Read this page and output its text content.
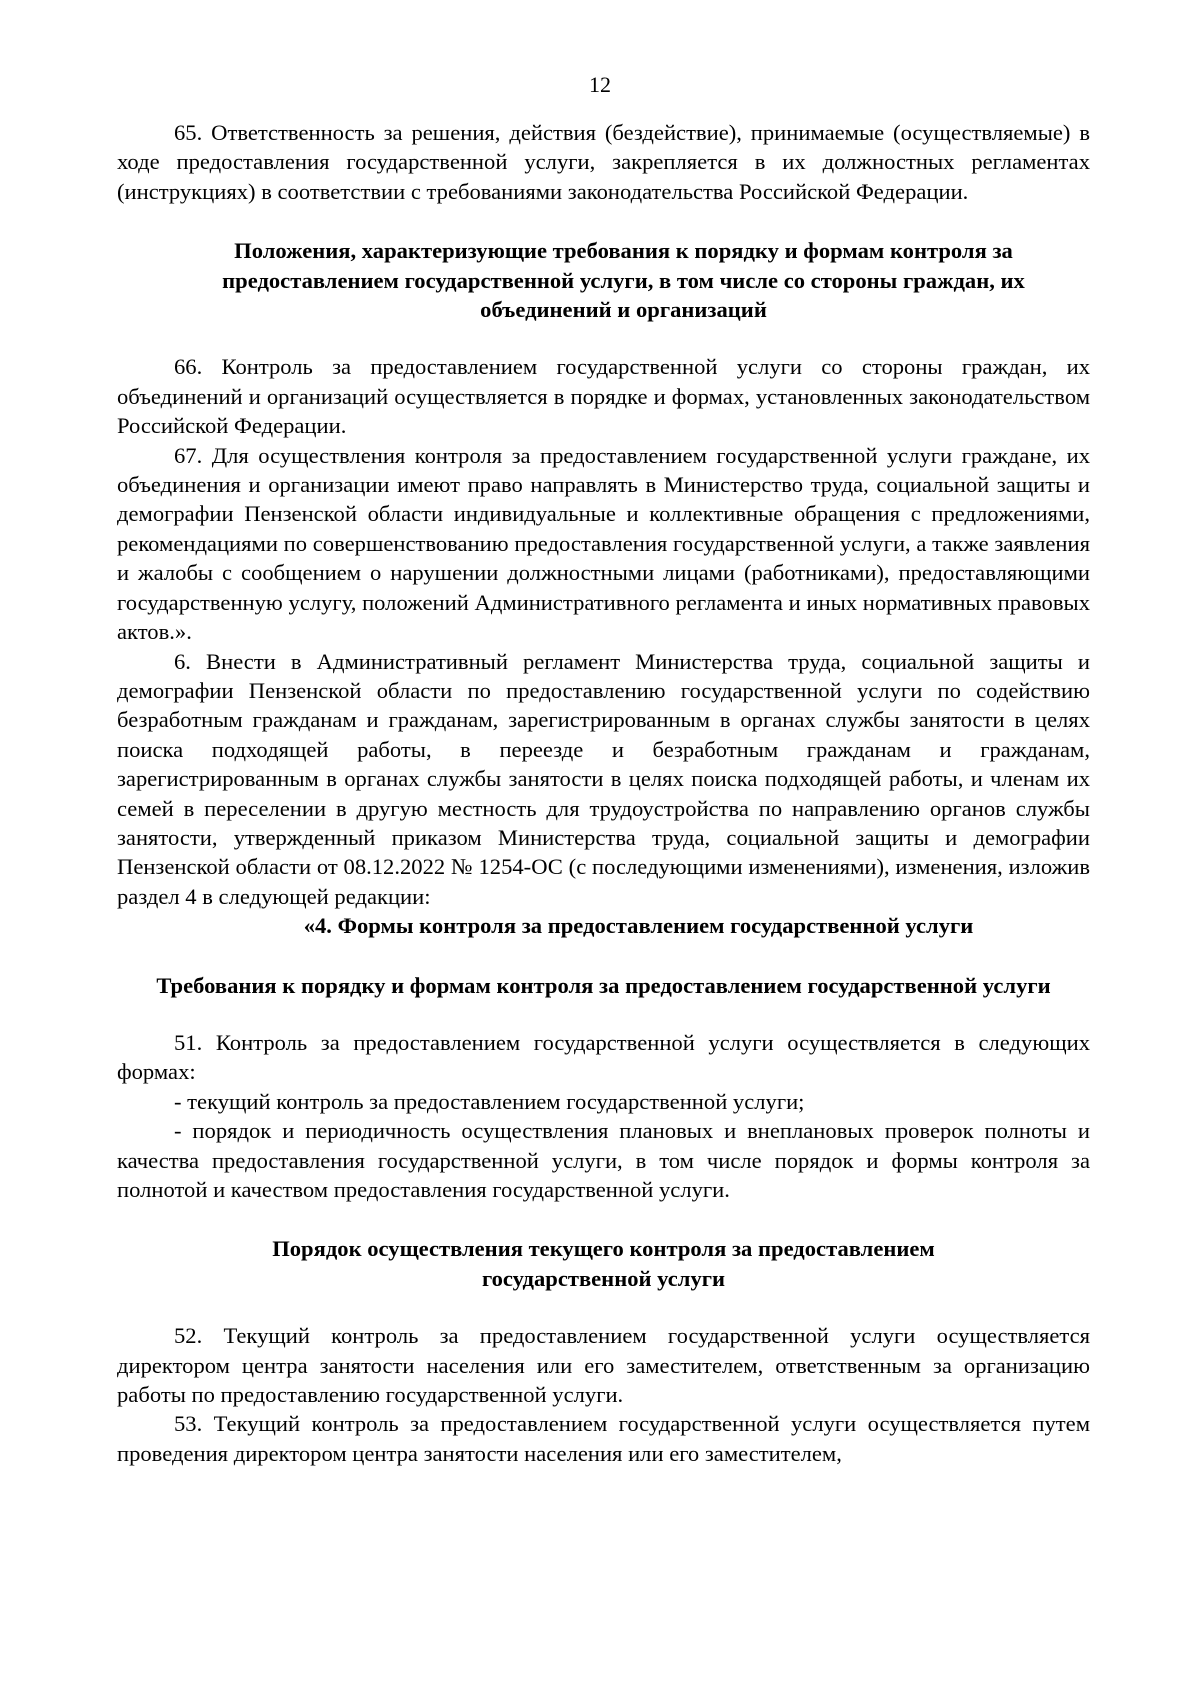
12

65. Ответственность за решения, действия (бездействие), принимаемые (осуществляемые) в ходе предоставления государственной услуги, закрепляется в их должностных регламентах (инструкциях) в соответствии с требованиями законодательства Российской Федерации.

Положения, характеризующие требования к порядку и формам контроля за предоставлением государственной услуги, в том числе со стороны граждан, их объединений и организаций

66. Контроль за предоставлением государственной услуги со стороны граждан, их объединений и организаций осуществляется в порядке и формах, установленных законодательством Российской Федерации.

67. Для осуществления контроля за предоставлением государственной услуги граждане, их объединения и организации имеют право направлять в Министерство труда, социальной защиты и демографии Пензенской области индивидуальные и коллективные обращения с предложениями, рекомендациями по совершенствованию предоставления государственной услуги, а также заявления и жалобы с сообщением о нарушении должностными лицами (работниками), предоставляющими государственную услугу, положений Административного регламента и иных нормативных правовых актов.».

6. Внести в Административный регламент Министерства труда, социальной защиты и демографии Пензенской области по предоставлению государственной услуги по содействию безработным гражданам и гражданам, зарегистрированным в органах службы занятости в целях поиска подходящей работы, в переезде и безработным гражданам и гражданам, зарегистрированным в органах службы занятости в целях поиска подходящей работы, и членам их семей в переселении в другую местность для трудоустройства по направлению органов службы занятости, утвержденный приказом Министерства труда, социальной защиты и демографии Пензенской области от 08.12.2022 № 1254-ОС (с последующими изменениями), изменения, изложив раздел 4 в следующей редакции:

«4. Формы контроля за предоставлением государственной услуги

Требования к порядку и формам контроля за предоставлением государственной услуги

51. Контроль за предоставлением государственной услуги осуществляется в следующих формах:

- текущий контроль за предоставлением государственной услуги;

- порядок и периодичность осуществления плановых и внеплановых проверок полноты и качества предоставления государственной услуги, в том числе порядок и формы контроля за полнотой и качеством предоставления государственной услуги.

Порядок осуществления текущего контроля за предоставлением государственной услуги

52. Текущий контроль за предоставлением государственной услуги осуществляется директором центра занятости населения или его заместителем, ответственным за организацию работы по предоставлению государственной услуги.

53. Текущий контроль за предоставлением государственной услуги осуществляется путем проведения директором центра занятости населения или его заместителем,
